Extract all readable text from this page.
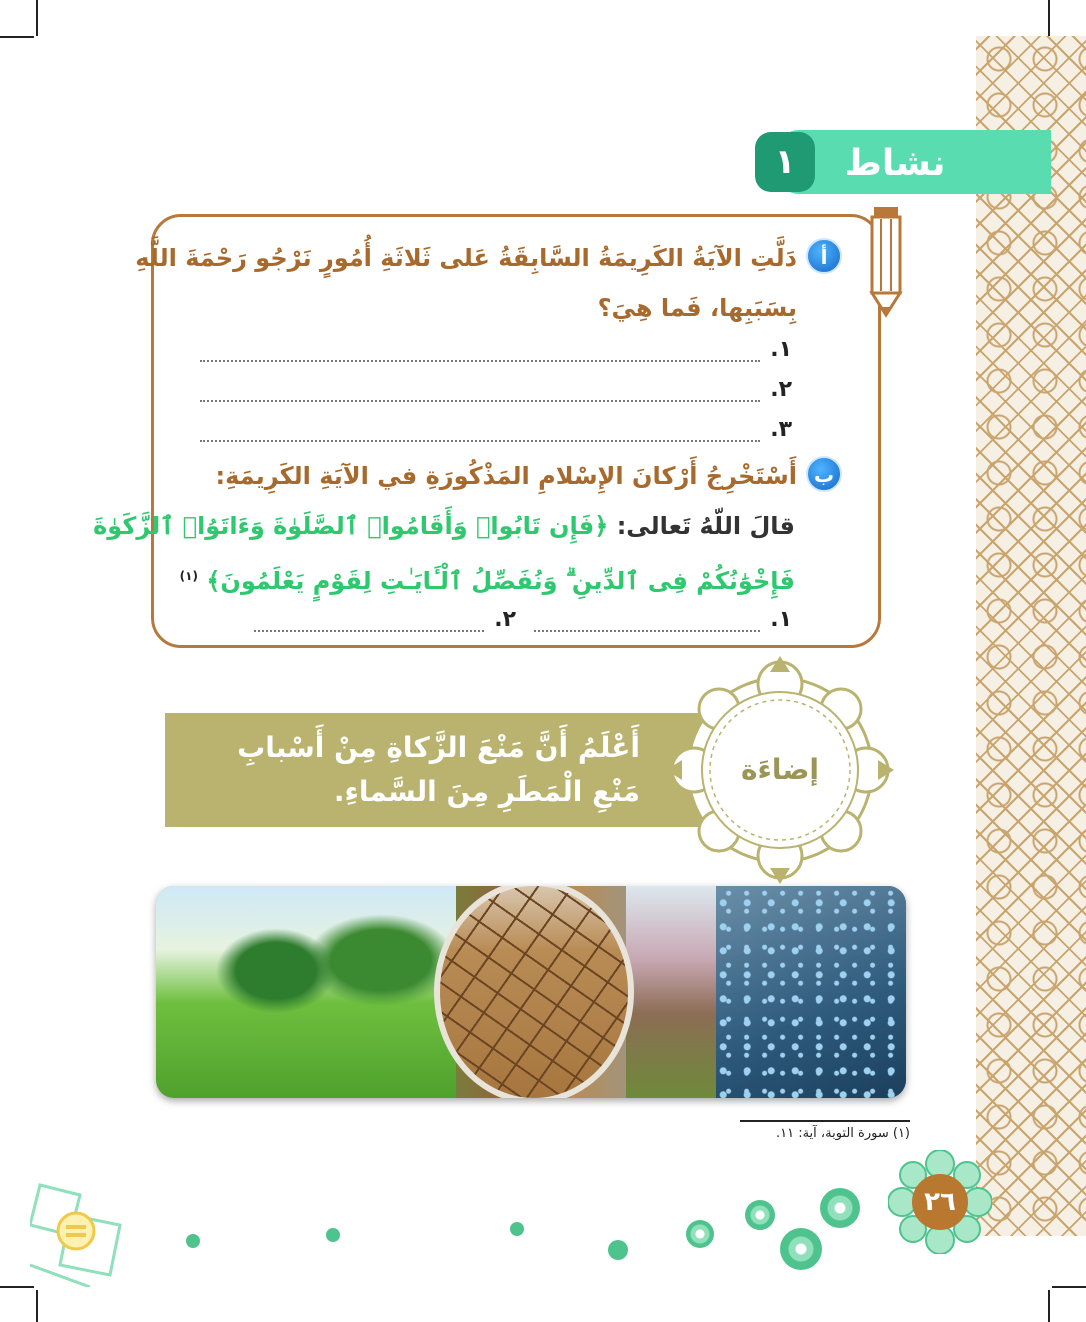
١	نشاط
أ
دَلَّتِ الآيَةُ الكَرِيمَةُ السَّابِقَةُ عَلى ثَلاثَةِ أُمُورٍ نَرْجُو رَحْمَةَ اللَّهِ
بِسَبَبِها، فَما هِيَ؟
١.
٢.
٣.
ب
أَسْتَخْرِجُ أَرْكانَ الإِسْلامِ المَذْكُورَةِ في الآيَةِ الكَرِيمَةِ:
قالَ اللّهُ تَعالى: ﴿فَإِن تَابُوا۟ وَأَقَامُوا۟ ٱلصَّلَوٰةَ وَءَاتَوُا۟ ٱلزَّكَوٰةَ
فَإِخْوَٰنُكُمْ فِى ٱلدِّينِ ۗ وَنُفَصِّلُ ٱلْـَٔايَـٰتِ لِقَوْمٍ يَعْلَمُونَ﴾ $^{(١)}$
١.
٢.
أَعْلَمُ أَنَّ مَنْعَ الزَّكاةِ مِنْ أَسْبابِ مَنْعِ الْمَطَرِ مِنَ السَّماءِ.
إضاءَة
(١) سورة التوبة، آية: ١١.
٢٦
